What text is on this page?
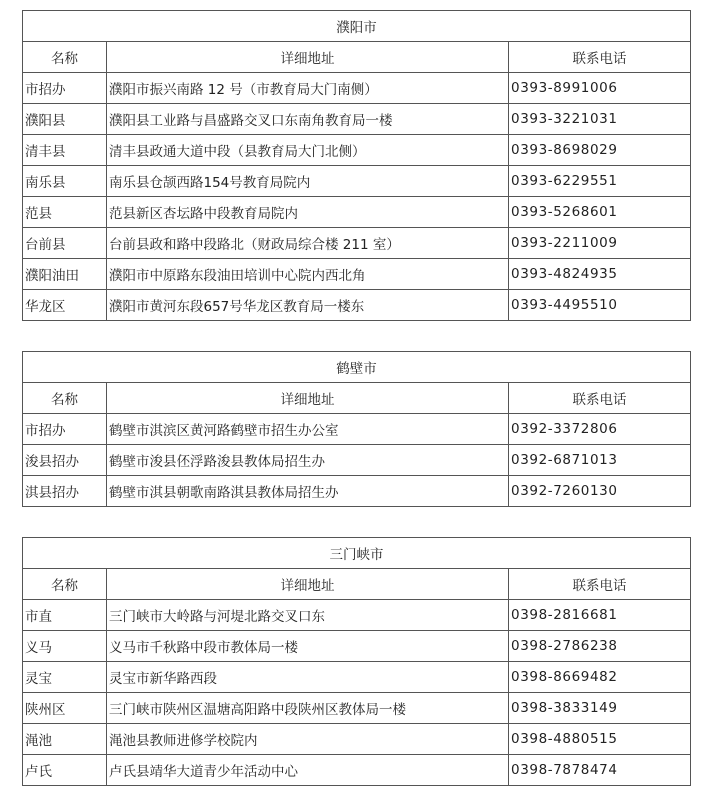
濮阳市		
名称	详细地址	联系电话
市招办	濮阳市振兴南路 12 号（市教育局大门南侧）	0393-8991006
濮阳县	濮阳县工业路与昌盛路交叉口东南角教育局一楼	0393-3221031
清丰县	清丰县政通大道中段（县教育局大门北侧）	0393-8698029
南乐县	南乐县仓颉西路154号教育局院内	0393-6229551
范县	范县新区杏坛路中段教育局院内	0393-5268601
台前县	台前县政和路中段路北（财政局综合楼 211 室）	0393-2211009
濮阳油田	濮阳市中原路东段油田培训中心院内西北角	0393-4824935
华龙区	濮阳市黄河东段657号华龙区教育局一楼东	0393-4495510
鹤壁市		
名称	详细地址	联系电话
市招办	鹤壁市淇滨区黄河路鹤壁市招生办公室	0392-3372806
浚县招办	鹤壁市浚县伾浮路浚县教体局招生办	0392-6871013
淇县招办	鹤壁市淇县朝歌南路淇县教体局招生办	0392-7260130
三门峡市		
名称	详细地址	联系电话
市直	三门峡市大岭路与河堤北路交叉口东	0398-2816681
义马	义马市千秋路中段市教体局一楼	0398-2786238
灵宝	灵宝市新华路西段	0398-8669482
陕州区	三门峡市陕州区温塘高阳路中段陕州区教体局一楼	0398-3833149
渑池	渑池县教师进修学校院内	0398-4880515
卢氏	卢氏县靖华大道青少年活动中心	0398-7878474
